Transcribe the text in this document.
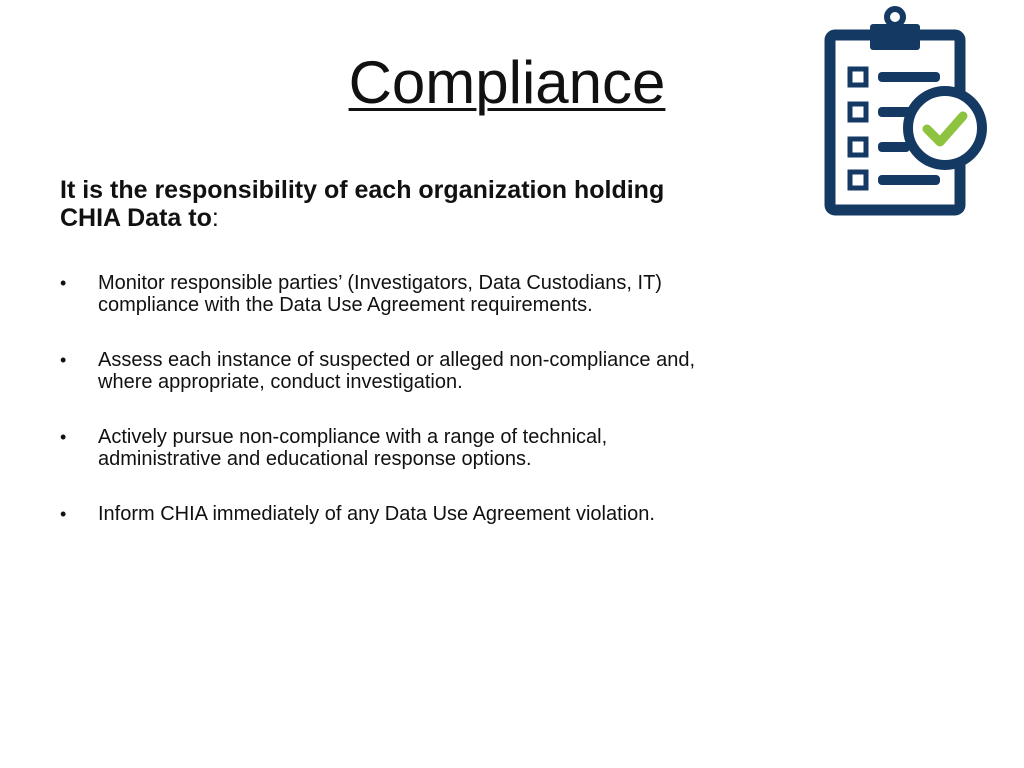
Compliance

It is the responsibility of each organization holding CHIA Data to:

• Monitor responsible parties’ (Investigators, Data Custodians, IT) compliance with the Data Use Agreement requirements.
• Assess each instance of suspected or alleged non-compliance and, where appropriate, conduct investigation.
• Actively pursue non-compliance with a range of technical, administrative and educational response options.
• Inform CHIA immediately of any Data Use Agreement violation.
